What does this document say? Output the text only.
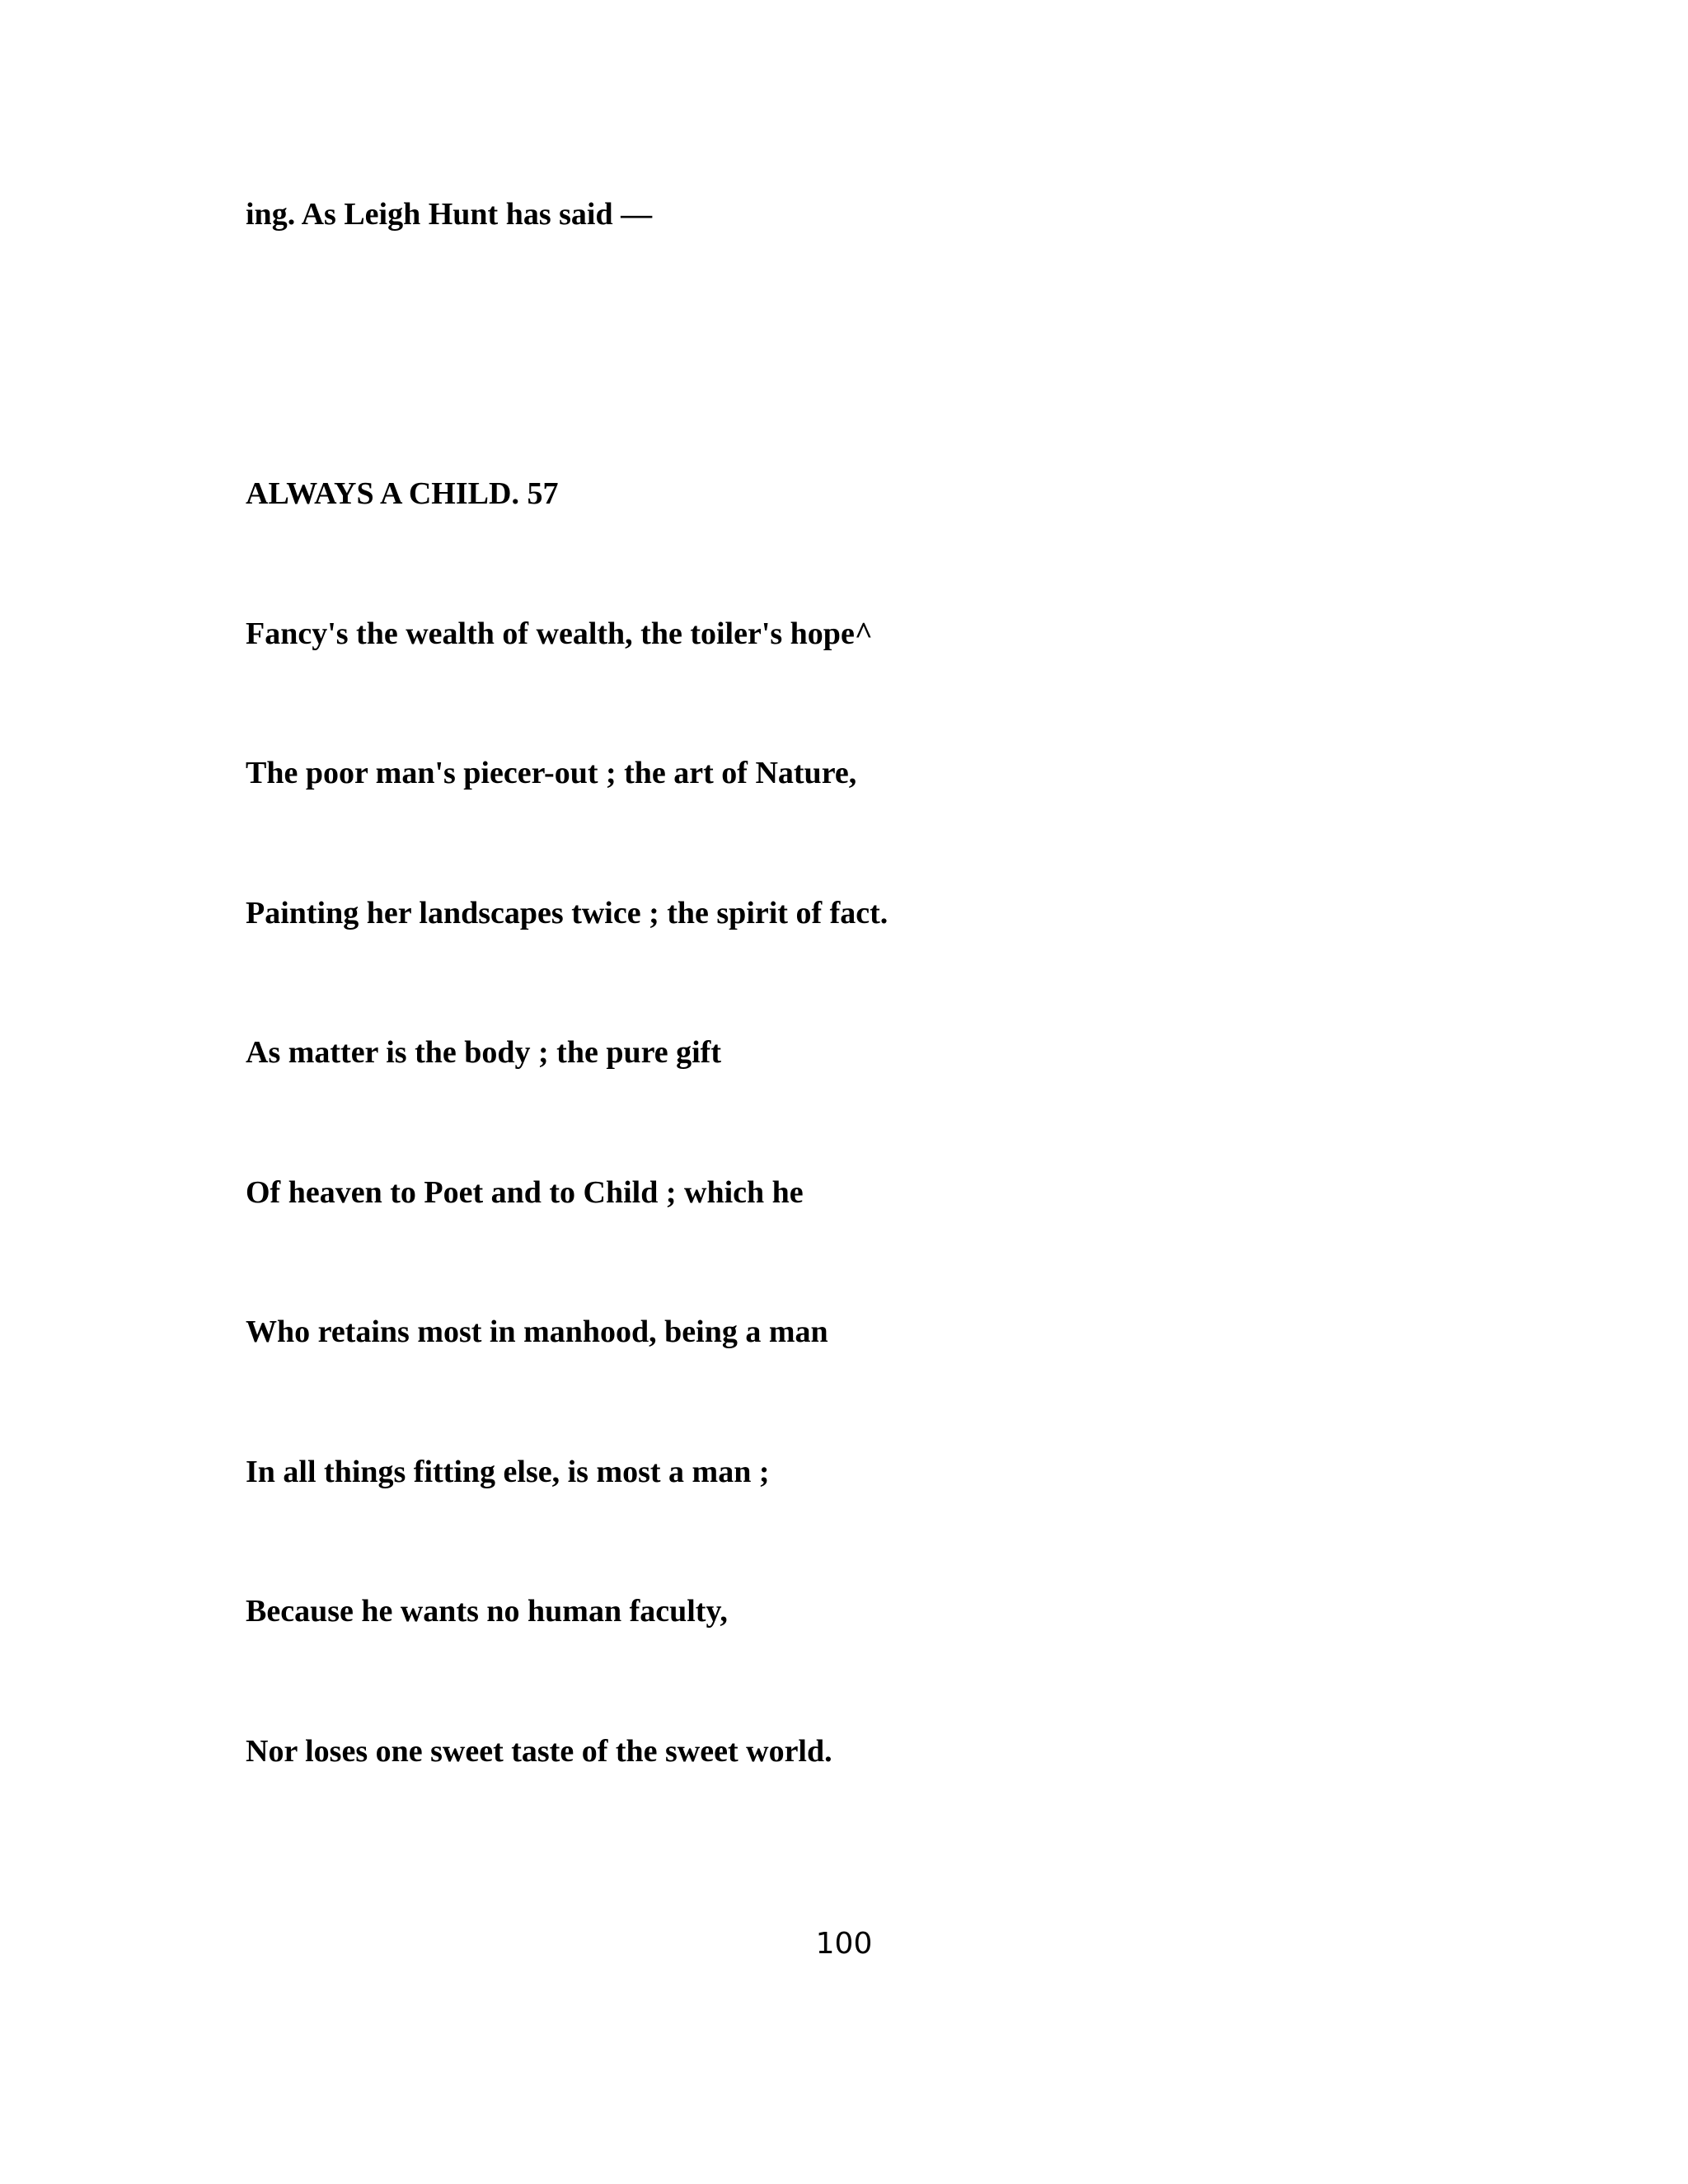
ing. As Leigh Hunt has said —

ALWAYS A CHILD. 57

Fancy's the wealth of wealth, the toiler's hope^

The poor man's piecer-out ; the art of Nature,

Painting her landscapes twice ; the spirit of fact.

As matter is the body ; the pure gift

Of heaven to Poet and to Child ; which he

Who retains most in manhood, being a man

In all things fitting else, is most a man ;

Because he wants no human faculty,

Nor loses one sweet taste of the sweet world.

100
